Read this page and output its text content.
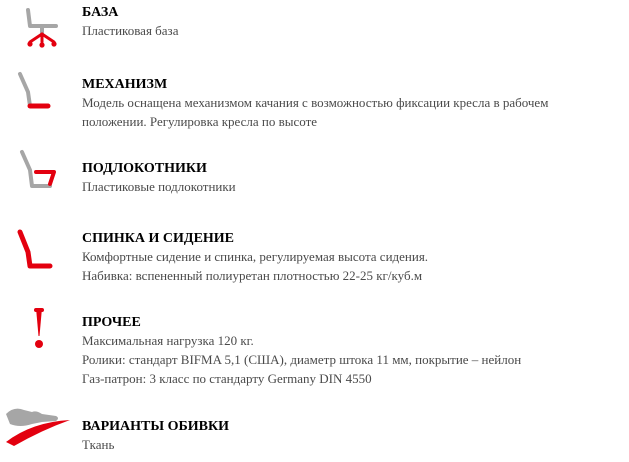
БАЗА
Пластиковая база
МЕХАНИЗМ
Модель оснащена механизмом качания с возможностью фиксации кресла в рабочем
положении. Регулировка кресла по высоте
ПОДЛОКОТНИКИ
Пластиковые подлокотники
СПИНКА И СИДЕНИЕ
Комфортные сидение и спинка, регулируемая высота сидения.
Набивка: вспененный полиуретан плотностью 22-25 кг/куб.м
ПРОЧЕЕ
Максимальная нагрузка 120 кг.
Ролики: стандарт BIFMA 5,1 (США), диаметр штока 11 мм, покрытие – нейлон
Газ-патрон: 3 класс по стандарту Germany DIN 4550
ВАРИАНТЫ ОБИВКИ
Ткань
